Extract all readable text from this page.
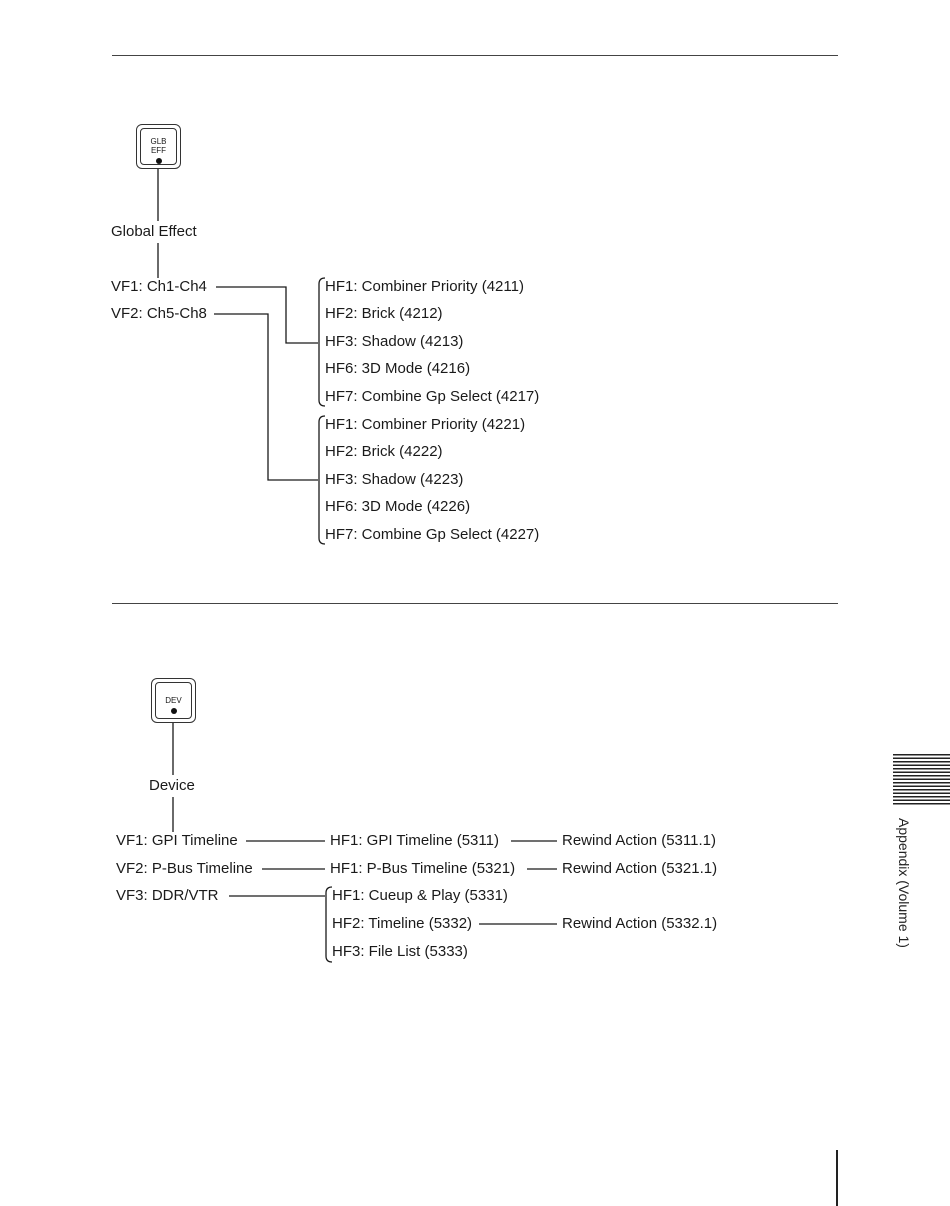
GLB
EFF
Global Effect
VF1: Ch1-Ch4
VF2: Ch5-Ch8
HF1: Combiner Priority (4211)
HF2: Brick (4212)
HF3: Shadow (4213)
HF6: 3D Mode (4216)
HF7: Combine Gp Select (4217)
HF1: Combiner Priority (4221)
HF2: Brick (4222)
HF3: Shadow (4223)
HF6: 3D Mode (4226)
HF7: Combine Gp Select (4227)
DEV
Device
VF1: GPI Timeline
VF2: P-Bus Timeline
VF3: DDR/VTR
HF1: GPI Timeline (5311)
HF1: P-Bus Timeline (5321)
HF1: Cueup & Play (5331)
HF2: Timeline (5332)
HF3: File List (5333)
Rewind Action (5311.1)
Rewind Action (5321.1)
Rewind Action (5332.1)	Appendix (Volume 1)
